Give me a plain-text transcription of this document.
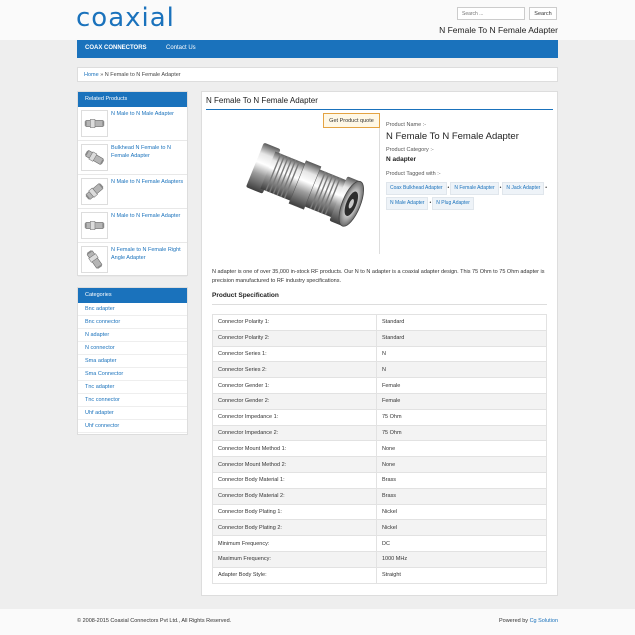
coaxial
Search ...	Search
N Female To N Female Adapter
COAX CONNECTORS	Contact Us
Home » N Female to N Female Adapter
Related Products
N Male to N Male Adapter
Bulkhead N Female to N Female Adapter
N Male to N Female Adapters
N Male to N Female Adapter
N Female to N Female Right Angle Adapter
Categories
Bnc adapter
Bnc connector
N adapter
N connector
Sma adapter
Sma Connector
Tnc adapter
Tnc connector
Uhf adapter
Uhf connector
N Female To N Female Adapter
Get Product quote
Product Name :-
N Female To N Female Adapter
Product Category :-
N adapter
Product Tagged with :-
Coax Bulkhead Adapter • N Female Adapter • N Jack Adapter •N Male Adapter • N Plug Adapter
N adapter is one of over 35,000 in-stock RF products. Our N to N adapter is a coaxial adapter design. This 75 Ohm to 75 Ohm adapter is precision manufactured to RF industry specifications.
Product Specification
Connector Polarity 1:	Standard
Connector Polarity 2:	Standard
Connector Series 1:	N
Connector Series 2:	N
Connector Gender 1:	Female
Connector Gender 2:	Female
Connector Impedance 1:	75 Ohm
Connector Impedance 2:	75 Ohm
Connector Mount Method 1:	None
Connector Mount Method 2:	None
Connector Body Material 1:	Brass
Connector Body Material 2:	Brass
Connector Body Plating 1:	Nickel
Connector Body Plating 2:	Nickel
Minimum Frequency:	DC
Maximum Frequency:	1000 MHz
Adapter Body Style:	Straight
© 2008-2015 Coaxial Connectors Pvt Ltd., All Rights Reserved.	Powered by Cg Solution
